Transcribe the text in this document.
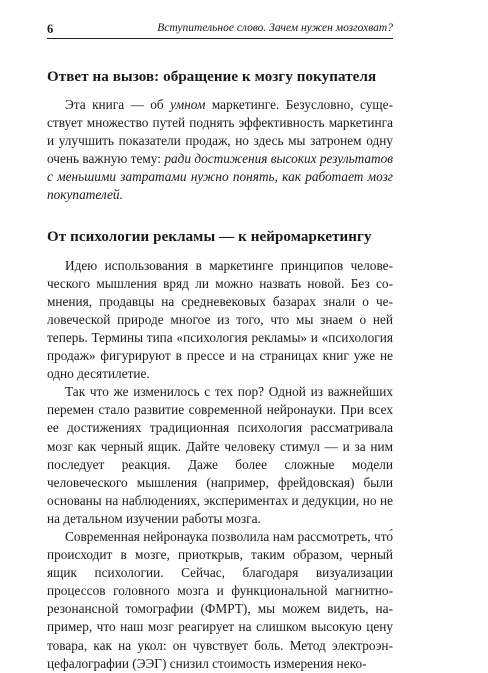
6	Вступительное слово. Зачем нужен мозгохват?
Ответ на вызов: обращение к мозгу покупателя

Эта книга — об умном маркетинге. Безусловно, существует множество путей поднять эффективность маркетинга и улучшить показатели продаж, но здесь мы затронем одну очень важную тему: ради достижения высоких результатов с меньшими затратами нужно понять, как работает мозг покупателей.

От психологии рекламы — к нейромаркетингу

Идею использования в маркетинге принципов человеческого мышления вряд ли можно назвать новой. Без сомнения, продавцы на средневековых базарах знали о человеческой природе многое из того, что мы знаем о ней теперь. Термины типа «психология рекламы» и «психология продаж» фигурируют в прессе и на страницах книг уже не одно десятилетие.

Так что же изменилось с тех пор? Одной из важнейших перемен стало развитие современной нейронауки. При всех ее достижениях традиционная психология рассматривала мозг как черный ящик. Дайте человеку стимул — и за ним последует реакция. Даже более сложные модели человеческого мышления (например, фрейдовская) были основаны на наблюдениях, экспериментах и дедукции, но не на детальном изучении работы мозга.

Современная нейронаука позволила нам рассмотреть, что́ происходит в мозге, приоткрыв, таким образом, черный ящик психологии. Сейчас, благодаря визуализации процессов головного мозга и функциональной магнитнорезонансной томографии (ФМРТ), мы можем видеть, например, что наш мозг реагирует на слишком высокую цену товара, как на укол: он чувствует боль. Метод электроэнцефалографии (ЭЭГ) снизил стоимость измерения неко-
